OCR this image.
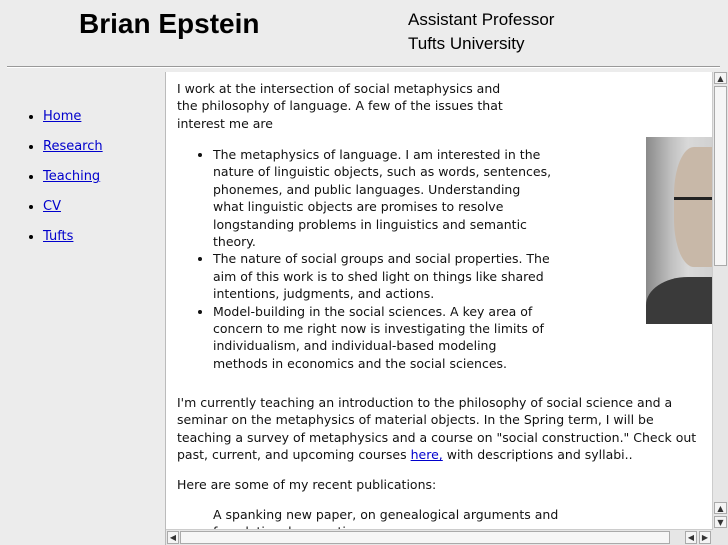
Brian Epstein	Assistant Professor
Tufts University
• Home
• Research
• Teaching
• CV
• Tufts

I work at the intersection of social metaphysics and the philosophy of language. A few of the issues that interest me are

• The metaphysics of language. I am interested in the nature of linguistic objects, such as words, sentences, phonemes, and public languages. Understanding what linguistic objects are promises to resolve longstanding problems in linguistics and semantic theory.
• The nature of social groups and social properties. The aim of this work is to shed light on things like shared intentions, judgments, and actions.
• Model-building in the social sciences. A key area of concern to me right now is investigating the limits of individualism, and individual-based modeling methods in economics and the social sciences.

I'm currently teaching an introduction to the philosophy of social science and a seminar on the metaphysics of material objects. In the Spring term, I will be teaching a survey of metaphysics and a course on "social construction." Check out past, current, and upcoming courses here, with descriptions and syllabi..

Here are some of my recent publications:

A spanking new paper, on genealogical arguments and

▲
▲
▼
◀	◀ ▶
